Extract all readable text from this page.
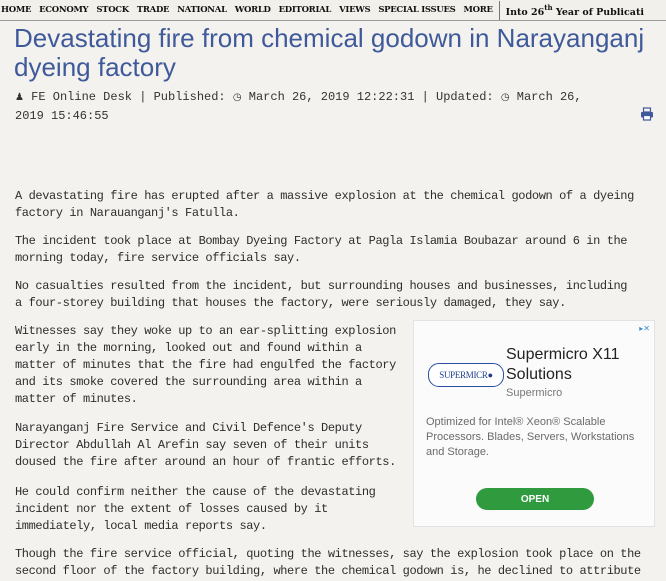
HOME ECONOMY STOCK TRADE NATIONAL WORLD EDITORIAL VIEWS SPECIAL ISSUES MORE	Into 26th Year of Publicati
Devastating fire from chemical godown in Narayanganj dyeing factory
♟ FE Online Desk | Published: ◷ March 26, 2019 12:22:31 | Updated: ◷ March 26, 2019 15:46:55

A devastating fire has erupted after a massive explosion at the chemical godown of a dyeing factory in Narauanganj's Fatulla.

The incident took place at Bombay Dyeing Factory at Pagla Islamia Boubazar around 6 in the morning today, fire service officials say.

No casualties resulted from the incident, but surrounding houses and businesses, including a four-storey building that houses the factory, were seriously damaged, they say.

Witnesses say they woke up to an ear-splitting explosion early in the morning, looked out and found within a matter of minutes that the fire had engulfed the factory and its smoke covered the surrounding area within a matter of minutes.

Narayanganj Fire Service and Civil Defence's Deputy Director Abdullah Al Arefin say seven of their units doused the fire after around an hour of frantic efforts.

He could confirm neither the cause of the devastating incident nor the extent of losses caused by it immediately, local media reports say.

Though the fire service official, quoting the witnesses, say the explosion took place on the second floor of the factory building, where the chemical godown is, he declined to attribute

▸✕
SUPERMICR●
Supermicro X11 Solutions
Supermicro
Optimized for Intel® Xeon® Scalable Processors. Blades, Servers, Workstations and Storage.
OPEN
